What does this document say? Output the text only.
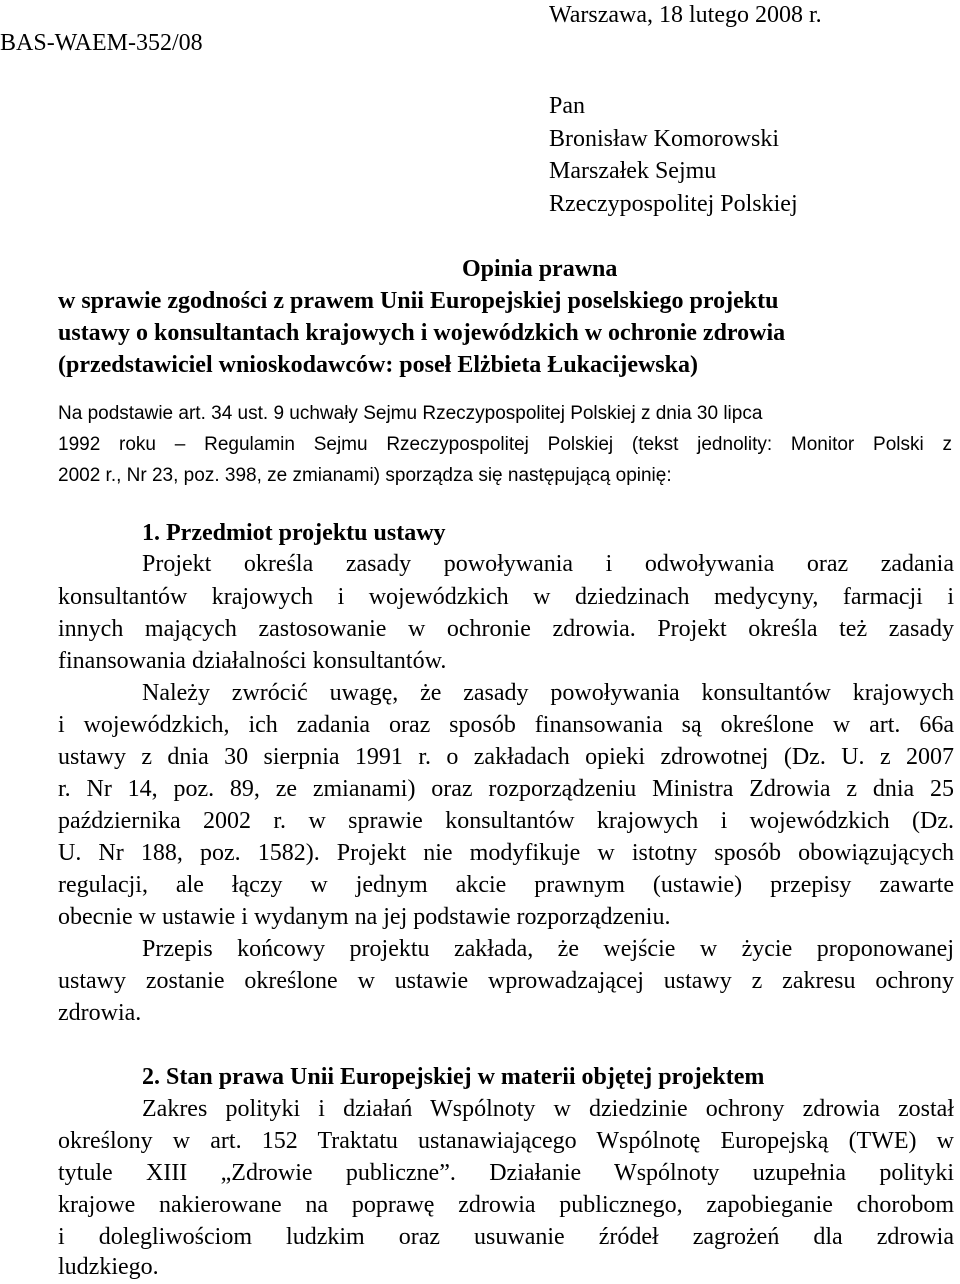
BAS-WAEM-352/08
Warszawa, 18 lutego 2008 r.
Pan
Bronisław Komorowski
Marszałek Sejmu
Rzeczypospolitej Polskiej
Opinia prawna
w sprawie zgodności z prawem Unii Europejskiej poselskiego projektu
ustawy o konsultantach krajowych i wojewódzkich w ochronie zdrowia
(przedstawiciel wnioskodawców: poseł Elżbieta Łukacijewska)
Na podstawie art. 34 ust. 9 uchwały Sejmu Rzeczypospolitej Polskiej z dnia 30 lipca
1992 roku – Regulamin Sejmu Rzeczypospolitej Polskiej (tekst jednolity: Monitor Polski z
2002 r., Nr 23, poz. 398, ze zmianami) sporządza się następującą opinię:
1. Przedmiot projektu ustawy
Projekt określa zasady powoływania i odwoływania oraz zadania
konsultantów krajowych i wojewódzkich w dziedzinach medycyny, farmacji i
innych mających zastosowanie w ochronie zdrowia. Projekt określa też zasady
finansowania działalności konsultantów.
Należy zwrócić uwagę, że zasady powoływania konsultantów krajowych
i wojewódzkich, ich zadania oraz sposób finansowania są określone w art. 66a
ustawy z dnia 30 sierpnia 1991 r. o zakładach opieki zdrowotnej (Dz. U. z 2007
r. Nr 14, poz. 89, ze zmianami) oraz rozporządzeniu Ministra Zdrowia z dnia 25
października 2002 r. w sprawie konsultantów krajowych i wojewódzkich (Dz.
U. Nr 188, poz. 1582). Projekt nie modyfikuje w istotny sposób obowiązujących
regulacji, ale łączy w jednym akcie prawnym (ustawie) przepisy zawarte
obecnie w ustawie i wydanym na jej podstawie rozporządzeniu.
Przepis końcowy projektu zakłada, że wejście w życie proponowanej
ustawy zostanie określone w ustawie wprowadzającej ustawy z zakresu ochrony
zdrowia.
2. Stan prawa Unii Europejskiej w materii objętej projektem
Zakres polityki i działań Wspólnoty w dziedzinie ochrony zdrowia został
określony w art. 152 Traktatu ustanawiającego Wspólnotę Europejską (TWE) w
tytule XIII „Zdrowie publiczne”. Działanie Wspólnoty uzupełnia polityki
krajowe nakierowane na poprawę zdrowia publicznego, zapobieganie chorobom
i dolegliwościom ludzkim oraz usuwanie źródeł zagrożeń dla zdrowia
ludzkiego.
